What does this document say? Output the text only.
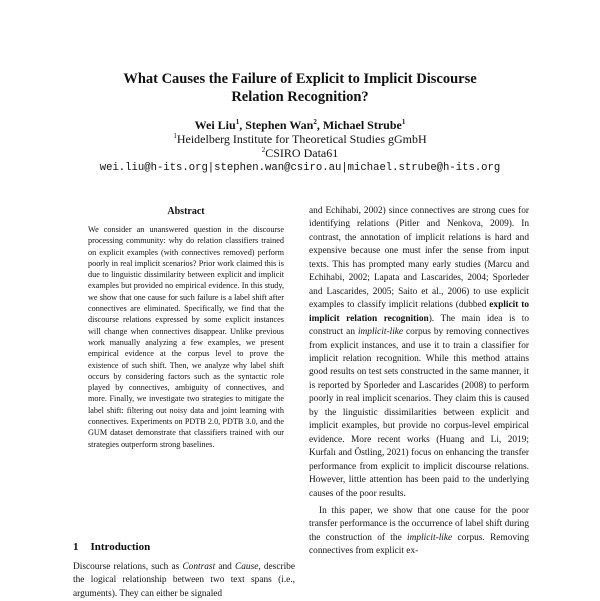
What Causes the Failure of Explicit to Implicit Discourse
Relation Recognition?
Wei Liu$^1$, Stephen Wan$^2$, Michael Strube$^1$
$^1$Heidelberg Institute for Theoretical Studies gGmbH
$^2$CSIRO Data61
wei.liu@h-its.org|stephen.wan@csiro.au|michael.strube@h-its.org
Abstract

We consider an unanswered question in the discourse processing community: why do relation classifiers trained on explicit examples (with connectives removed) perform poorly in real implicit scenarios? Prior work claimed this is due to linguistic dissimilarity between explicit and implicit examples but provided no empirical evidence. In this study, we show that one cause for such failure is a label shift after connectives are eliminated. Specifically, we find that the discourse relations expressed by some explicit instances will change when connectives disappear. Unlike previous work manually analyzing a few examples, we present empirical evidence at the corpus level to prove the existence of such shift. Then, we analyze why label shift occurs by considering factors such as the syntactic role played by connectives, ambiguity of connectives, and more. Finally, we investigate two strategies to mitigate the label shift: filtering out noisy data and joint learning with connectives. Experiments on PDTB 2.0, PDTB 3.0, and the GUM dataset demonstrate that classifiers trained with our strategies outperform strong baselines.

1 Introduction

Discourse relations, such as Contrast and Cause, describe the logical relationship between two text spans (i.e., arguments). They can either be signaled

and Echihabi, 2002) since connectives are strong cues for identifying relations (Pitler and Nenkova, 2009). In contrast, the annotation of implicit relations is hard and expensive because one must infer the sense from input texts. This has prompted many early studies (Marcu and Echihabi, 2002; Lapata and Lascarides, 2004; Sporleder and Lascarides, 2005; Saito et al., 2006) to use explicit examples to classify implicit relations (dubbed explicit to implicit relation recognition). The main idea is to construct an implicit-like corpus by removing connectives from explicit instances, and use it to train a classifier for implicit relation recognition. While this method attains good results on test sets constructed in the same manner, it is reported by Sporleder and Lascarides (2008) to perform poorly in real implicit scenarios. They claim this is caused by the linguistic dissimilarities between explicit and implicit examples, but provide no corpus-level empirical evidence. More recent works (Huang and Li, 2019; Kurfalı and Östling, 2021) focus on enhancing the transfer performance from explicit to implicit discourse relations. However, little attention has been paid to the underlying causes of the poor results.

In this paper, we show that one cause for the poor transfer performance is the occurrence of label shift during the construction of the implicit-like corpus. Removing connectives from explicit ex-
